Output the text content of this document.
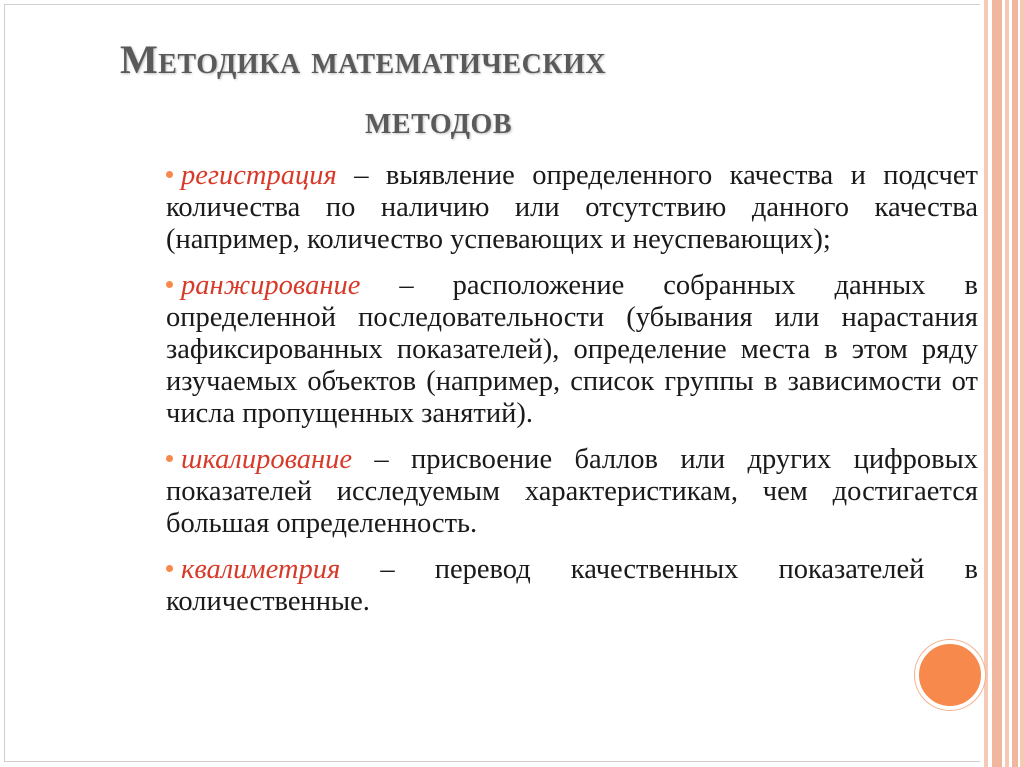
Методика математических
методов
регистрация – выявление определенного качества и подсчет количества по наличию или отсутствию данного качества (например, количество успевающих и неуспевающих);
ранжирование – расположение собранных данных в определенной последовательности (убывания или нарастания зафиксированных показателей), определение места в этом ряду изучаемых объектов (например, список группы в зависимости от числа пропущенных занятий).
шкалирование – присвоение баллов или других цифровых показателей исследуемым характеристикам, чем достигается большая определенность.
квалиметрия – перевод качественных показателей в количественные.
